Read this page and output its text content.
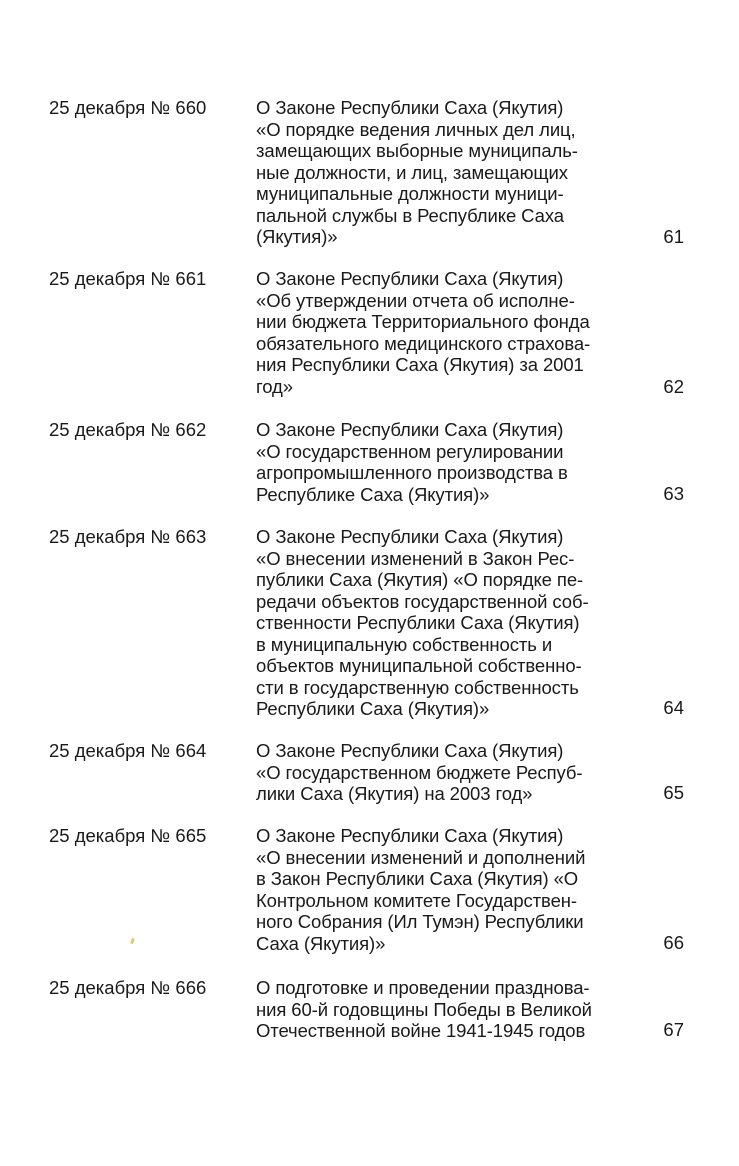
25 декабря № 660	О Законе Республики Саха (Якутия)
«О порядке ведения личных дел лиц,
замещающих выборные муниципаль-
ные должности, и лиц, замещающих
муниципальные должности муници-
пальной службы в Республике Саха
(Якутия)»	61
25 декабря № 661	О Законе Республики Саха (Якутия)
«Об утверждении отчета об исполне-
нии бюджета Территориального фонда
обязательного медицинского страхова-
ния Республики Саха (Якутия) за 2001
год»	62
25 декабря № 662	О Законе Республики Саха (Якутия)
«О государственном регулировании
агропромышленного производства в
Республике Саха (Якутия)»	63
25 декабря № 663	О Законе Республики Саха (Якутия)
«О внесении изменений в Закон Рес-
публики Саха (Якутия) «О порядке пе-
редачи объектов государственной соб-
ственности Республики Саха (Якутия)
в муниципальную собственность и
объектов муниципальной собственно-
сти в государственную собственность
Республики Саха (Якутия)»	64
25 декабря № 664	О Законе Республики Саха (Якутия)
«О государственном бюджете Респуб-
лики Саха (Якутия) на 2003 год»	65
25 декабря № 665	О Законе Республики Саха (Якутия)
«О внесении изменений и дополнений
в Закон Республики Саха (Якутия) «О
Контрольном комитете Государствен-
ного Собрания (Ил Тумэн) Республики
Саха (Якутия)»	66
25 декабря № 666	О подготовке и проведении празднова-
ния 60-й годовщины Победы в Великой
Отечественной войне 1941-1945 годов	67
